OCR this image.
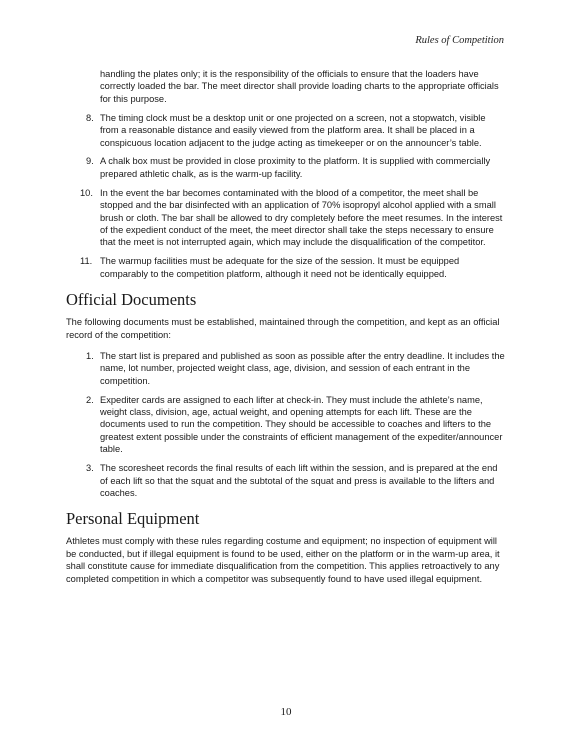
Rules of Competition
handling the plates only; it is the responsibility of the officials to ensure that the loaders have correctly loaded the bar. The meet director shall provide loading charts to the appropriate officials for this purpose.
8. The timing clock must be a desktop unit or one projected on a screen, not a stopwatch, visible from a reasonable distance and easily viewed from the platform area. It shall be placed in a conspicuous location adjacent to the judge acting as timekeeper or on the announcer’s table.
9. A chalk box must be provided in close proximity to the platform. It is supplied with commercially prepared athletic chalk, as is the warm-up facility.
10. In the event the bar becomes contaminated with the blood of a competitor, the meet shall be stopped and the bar disinfected with an application of 70% isopropyl alcohol applied with a small brush or cloth. The bar shall be allowed to dry completely before the meet resumes. In the interest of the expedient conduct of the meet, the meet director shall take the steps necessary to ensure that the meet is not interrupted again, which may include the disqualification of the competitor.
11. The warmup facilities must be adequate for the size of the session. It must be equipped comparably to the competition platform, although it need not be identically equipped.
Official Documents

The following documents must be established, maintained through the competition, and kept as an official record of the competition:

1. The start list is prepared and published as soon as possible after the entry deadline. It includes the name, lot number, projected weight class, age, division, and session of each entrant in the competition.
2. Expediter cards are assigned to each lifter at check-in. They must include the athlete’s name, weight class, division, age, actual weight, and opening attempts for each lift. These are the documents used to run the competition. They should be accessible to coaches and lifters to the greatest extent possible under the constraints of efficient management of the expediter/announcer table.
3. The scoresheet records the final results of each lift within the session, and is prepared at the end of each lift so that the squat and the subtotal of the squat and press is available to the lifters and coaches.
Personal Equipment

Athletes must comply with these rules regarding costume and equipment; no inspection of equipment will be conducted, but if illegal equipment is found to be used, either on the platform or in the warm-up area, it shall constitute cause for immediate disqualification from the competition. This applies retroactively to any completed competition in which a competitor was subsequently found to have used illegal equipment.

10
